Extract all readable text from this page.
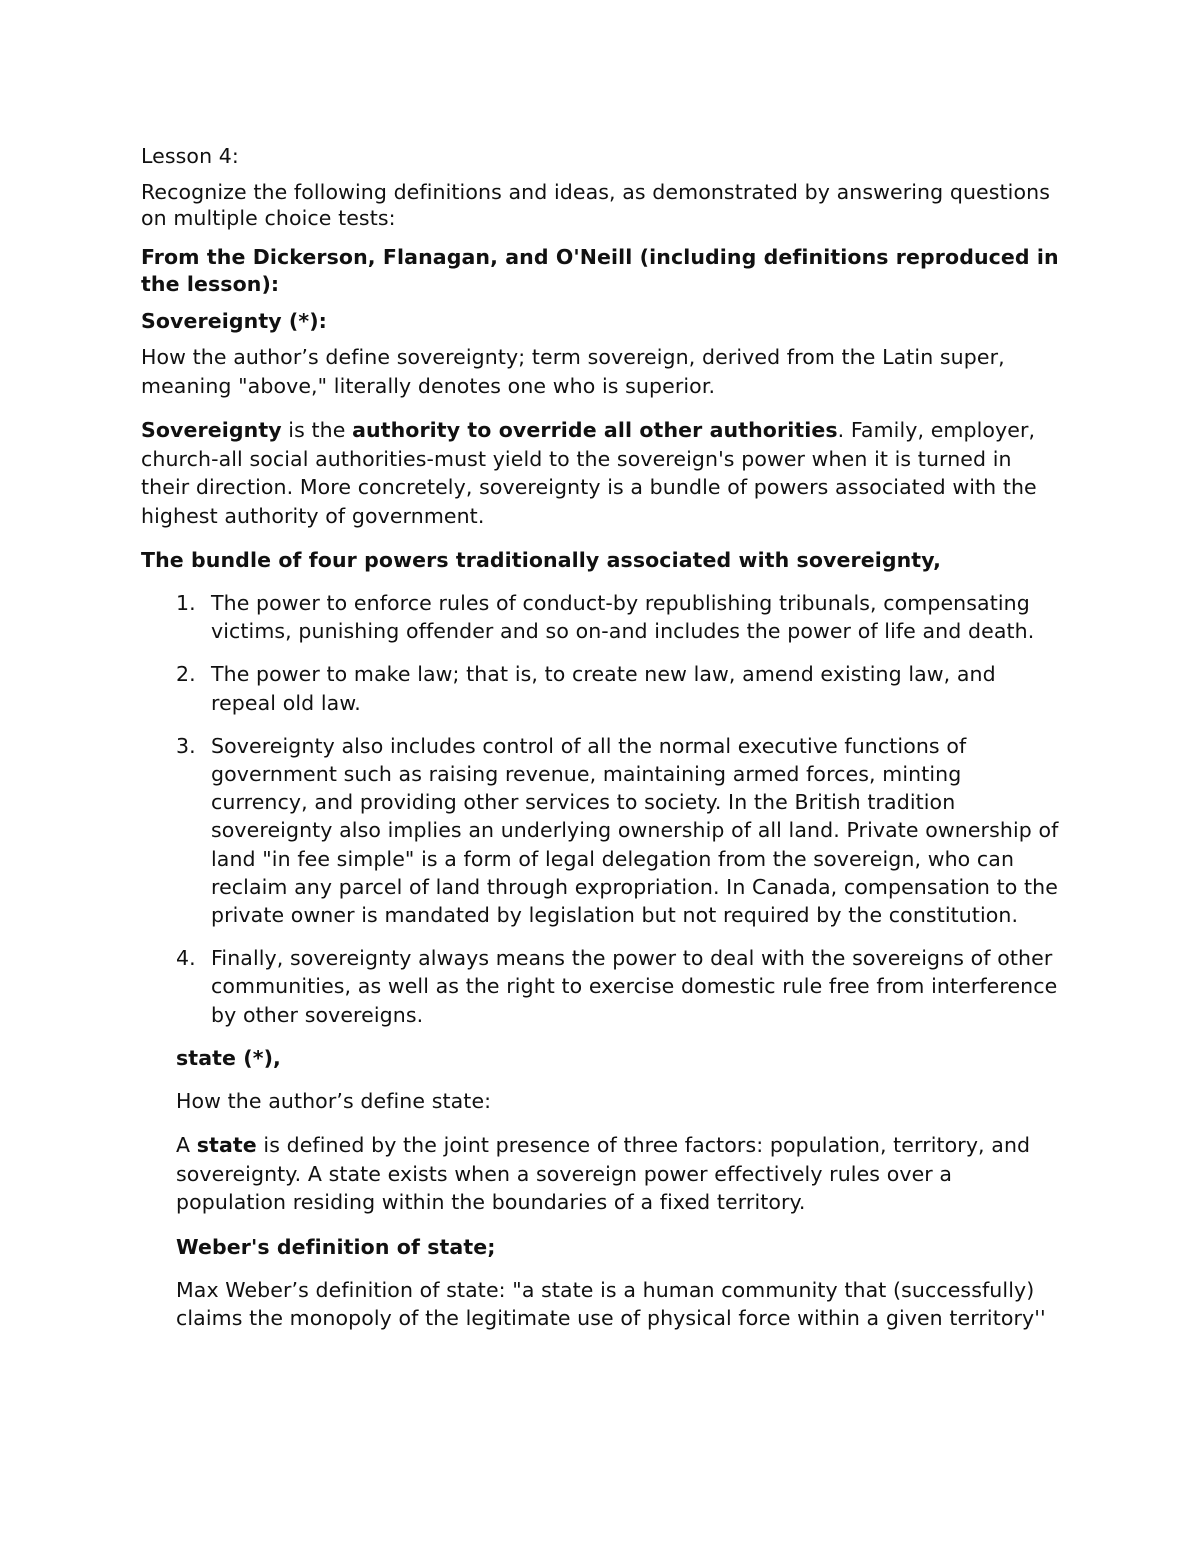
Lesson 4:

Recognize the following definitions and ideas, as demonstrated by answering questions on multiple choice tests:

From the Dickerson, Flanagan, and O'Neill (including definitions reproduced in the lesson):

Sovereignty (*):

How the author’s define sovereignty; term sovereign, derived from the Latin super, meaning "above," literally denotes one who is superior.

Sovereignty is the authority to override all other authorities. Family, employer, church-all social authorities-must yield to the sovereign's power when it is turned in their direction. More concretely, sovereignty is a bundle of powers associated with the highest authority of government.

The bundle of four powers traditionally associated with sovereignty,

1. The power to enforce rules of conduct-by republishing tribunals, compensating victims, punishing offender and so on-and includes the power of life and death.
2. The power to make law; that is, to create new law, amend existing law, and repeal old law.
3. Sovereignty also includes control of all the normal executive functions of government such as raising revenue, maintaining armed forces, minting currency, and providing other services to society. In the British tradition sovereignty also implies an underlying ownership of all land. Private ownership of land "in fee simple" is a form of legal delegation from the sovereign, who can reclaim any parcel of land through expropriation. In Canada, compensation to the private owner is mandated by legislation but not required by the constitution.
4. Finally, sovereignty always means the power to deal with the sovereigns of other communities, as well as the right to exercise domestic rule free from interference by other sovereigns.

state (*),

How the author’s define state:

A state is defined by the joint presence of three factors: population, territory, and sovereignty. A state exists when a sovereign power effectively rules over a population residing within the boundaries of a fixed territory.

Weber's definition of state;

Max Weber’s definition of state: "a state is a human community that (successfully) claims the monopoly of the legitimate use of physical force within a given territory''
